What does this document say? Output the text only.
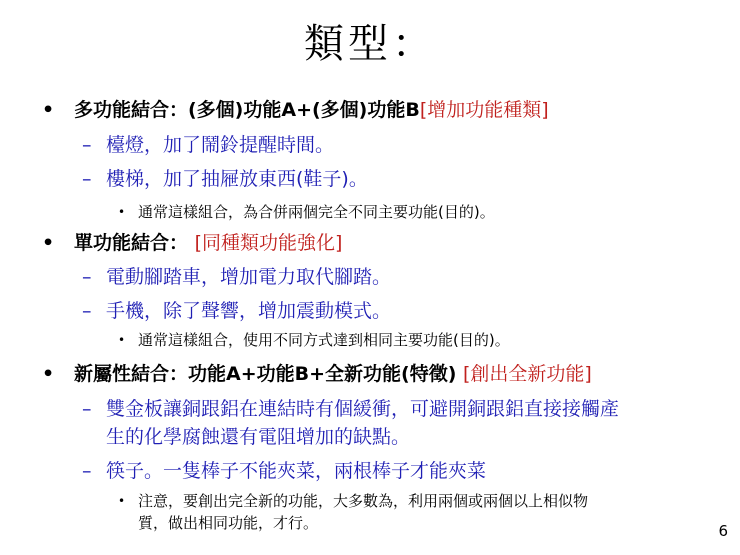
類型：
• 多功能結合：(多個)功能A+(多個)功能B[增加功能種類]
– 檯燈，加了鬧鈴提醒時間。
– 樓梯，加了抽屜放東西(鞋子)。
• 通常這樣組合，為合併兩個完全不同主要功能(目的)。
• 單功能結合： [同種類功能強化]
– 電動腳踏車，增加電力取代腳踏。
– 手機，除了聲響，增加震動模式。
• 通常這樣組合，使用不同方式達到相同主要功能(目的)。
• 新屬性結合：功能A+功能B+全新功能(特徵) [創出全新功能]
– 雙金板讓銅跟鋁在連結時有個緩衝，可避開銅跟鋁直接接觸產
生的化學腐蝕還有電阻增加的缺點。
– 筷子。一隻棒子不能夾菜，兩根棒子才能夾菜
• 注意，要創出完全新的功能，大多數為，利用兩個或兩個以上相似物
質，做出相同功能，才行。	6
